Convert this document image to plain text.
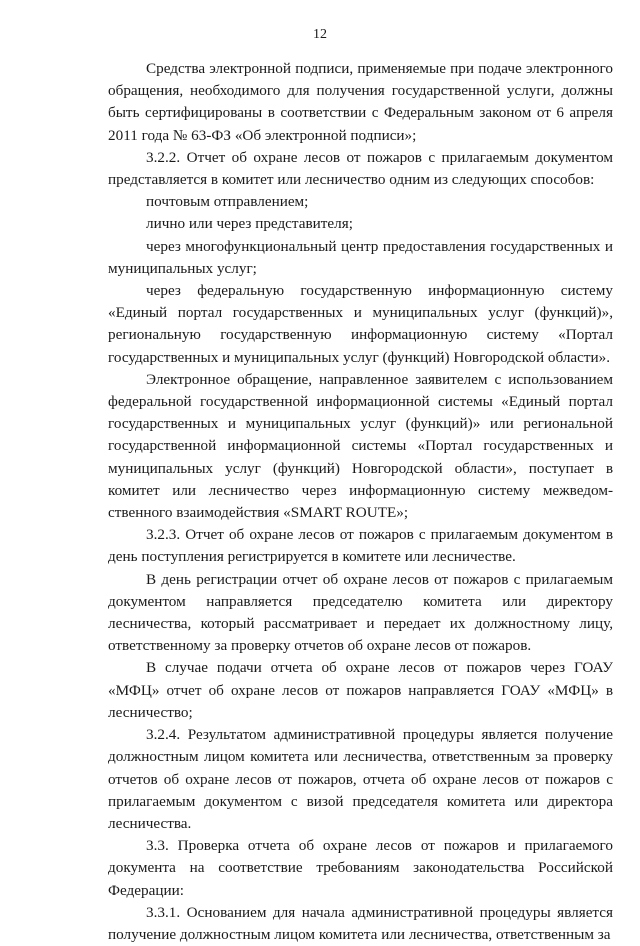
12

Средства электронной подписи, применяемые при подаче электронного обращения, необходимого для получения государственной услуги, должны быть сертифицированы в соответствии с Федеральным законом от 6 апреля 2011 года № 63-ФЗ «Об электронной подписи»;

3.2.2. Отчет об охране лесов от пожаров с прилагаемым документом представляется в комитет или лесничество одним из следующих способов:

почтовым отправлением;

лично или через представителя;

через многофункциональный центр предоставления государственных и муниципальных услуг;

через федеральную государственную информационную систему «Единый портал государственных и муниципальных услуг (функций)», региональную государственную информационную систему «Портал государственных и муниципальных услуг (функций) Новгородской области».

Электронное обращение, направленное заявителем с использованием федеральной государственной информационной системы «Единый портал государственных и муниципальных услуг (функций)» или региональной государственной информационной системы «Портал государственных и муниципальных услуг (функций) Новгородской области», поступает в комитет или лесничество через информационную систему межведомственного взаимодействия «SMART ROUTE»;

3.2.3. Отчет об охране лесов от пожаров с прилагаемым документом в день поступления регистрируется в комитете или лесничестве.

В день регистрации отчет об охране лесов от пожаров с прилагаемым документом направляется председателю комитета или директору лесничества, который рассматривает и передает их должностному лицу, ответственному за проверку отчетов об охране лесов от пожаров.

В случае подачи отчета об охране лесов от пожаров через ГОАУ «МФЦ» отчет об охране лесов от пожаров направляется ГОАУ «МФЦ» в лесничество;

3.2.4. Результатом административной процедуры является получение должностным лицом комитета или лесничества, ответственным за проверку отчетов об охране лесов от пожаров, отчета об охране лесов от пожаров с прилагаемым документом с визой председателя комитета или директора лесничества.

3.3. Проверка отчета об охране лесов от пожаров и прилагаемого документа на соответствие требованиям законодательства Российской Федерации:

3.3.1. Основанием для начала административной процедуры является получение должностным лицом комитета или лесничества, ответственным за
